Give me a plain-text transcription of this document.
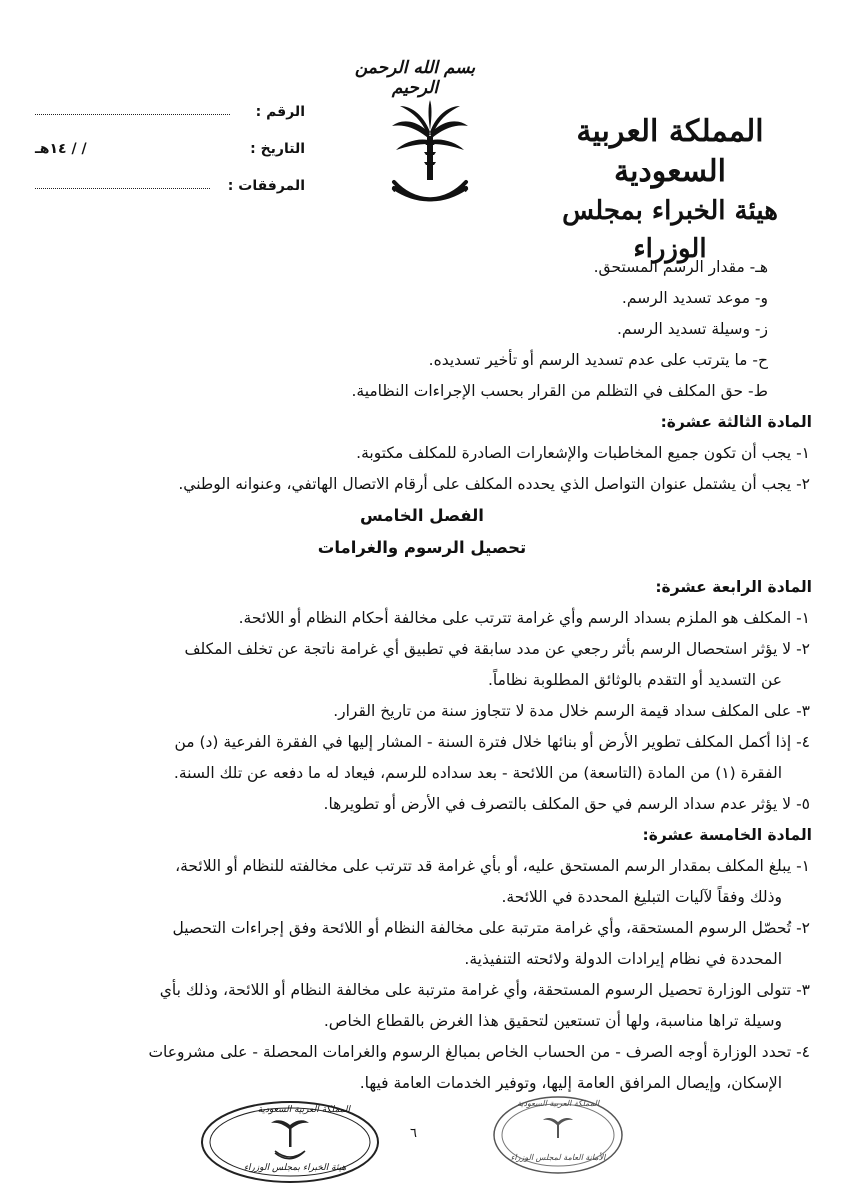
بسم الله الرحمن الرحيم
المملكة العربية السعودية
هيئة الخبراء بمجلس الوزراء
الرقم :
التاريخ :
/ / ١٤هـ
المرفقات :
هـ- مقدار الرسم المستحق.
و- موعد تسديد الرسم.
ز- وسيلة تسديد الرسم.
ح- ما يترتب على عدم تسديد الرسم أو تأخير تسديده.
ط- حق المكلف في التظلم من القرار بحسب الإجراءات النظامية.
المادة الثالثة عشرة:
١- يجب أن تكون جميع المخاطبات والإشعارات الصادرة للمكلف مكتوبة.
٢- يجب أن يشتمل عنوان التواصل الذي يحدده المكلف على أرقام الاتصال الهاتفي، وعنوانه الوطني.
الفصل الخامس
تحصيل الرسوم والغرامات
المادة الرابعة عشرة:
١- المكلف هو الملزم بسداد الرسم وأي غرامة تترتب على مخالفة أحكام النظام أو اللائحة.
٢- لا يؤثر استحصال الرسم بأثر رجعي عن مدد سابقة في تطبيق أي غرامة ناتجة عن تخلف المكلف
عن التسديد أو التقدم بالوثائق المطلوبة نظاماً.
٣- على المكلف سداد قيمة الرسم خلال مدة لا تتجاوز سنة من تاريخ القرار.
٤- إذا أكمل المكلف تطوير الأرض أو بنائها خلال فترة السنة - المشار إليها في الفقرة الفرعية (د) من
الفقرة (١) من المادة (التاسعة) من اللائحة - بعد سداده للرسم، فيعاد له ما دفعه عن تلك السنة.
٥- لا يؤثر عدم سداد الرسم في حق المكلف بالتصرف في الأرض أو تطويرها.
المادة الخامسة عشرة:
١- يبلغ المكلف بمقدار الرسم المستحق عليه، أو بأي غرامة قد تترتب على مخالفته للنظام أو اللائحة،
وذلك وفقاً لآليات التبليغ المحددة في اللائحة.
٢- تُحصّل الرسوم المستحقة، وأي غرامة مترتبة على مخالفة النظام أو اللائحة وفق إجراءات التحصيل
المحددة في نظام إيرادات الدولة ولائحته التنفيذية.
٣- تتولى الوزارة تحصيل الرسوم المستحقة، وأي غرامة مترتبة على مخالفة النظام أو اللائحة، وذلك بأي
وسيلة تراها مناسبة، ولها أن تستعين لتحقيق هذا الغرض بالقطاع الخاص.
٤- تحدد الوزارة أوجه الصرف - من الحساب الخاص بمبالغ الرسوم والغرامات المحصلة - على مشروعات
الإسكان، وإيصال المرافق العامة إليها، وتوفير الخدمات العامة فيها.
٦
المملكة العربية السعودية
هيئة الخبراء بمجلس الوزراء
المملكة العربية السعودية
الأمانة العامة لمجلس الوزراء
